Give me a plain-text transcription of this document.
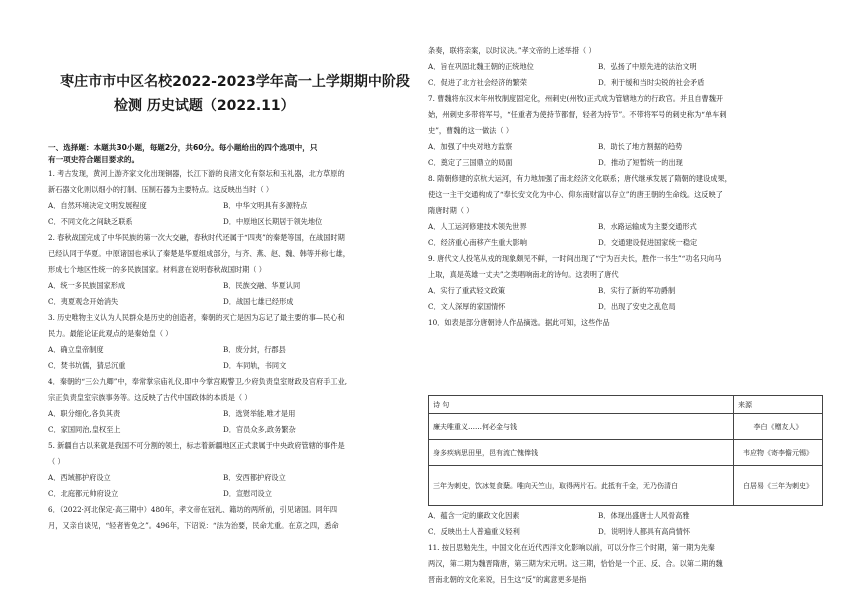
枣庄市市中区名校2022-2023学年高一上学期期中阶段
检测 历史试题（2022.11）
一、选择题：本题共30小题，每题2分，共60分。每小题给出的四个选项中，只
有一项史符合题目要求的。

1. 考古发现，黄河上游齐家文化出现铜器，长江下游的良渚文化有祭坛和玉礼器，北方草原的

新石器文化则以细小的打制、压制石器为主要特点。这反映出当时（ ）

A．自然环境决定文明发展程度	B．中华文明具有多源特点
C．不同文化之间缺乏联系	D．中原地区长期居于领先地位

2. 春秋战国完成了中华民族的第一次大交融，春秋时代还属于“四夷”的秦楚等国，在战国时期

已经认同于华夏。中原诸国也承认了秦楚是华夏组成部分，与齐、燕、赵、魏、韩等并称七雄，

形成七个地区性统一的多民族国家。材料意在说明春秋战国时期（ ）

A．统一多民族国家形成	B．民族交融、华夏认同
C．夷夏观念开始消失	D．战国七雄已经形成

3. 历史唯物主义认为人民群众是历史的创造者，秦朝的灭亡是因为忘记了最主要的事—民心和

民力。最能论证此观点的是秦始皇（ ）

A．确立皇帝制度	B．废分封，行郡县
C．焚书坑儒，猜忌沉重	D．车同轨，书同文

4．秦朝的“三公九卿”中，奉常掌宗庙礼仪,即中今掌宫殿警卫,少府负责皇室财政及官府手工业,

宗正负责皇室宗族事务等。这反映了古代中国政体的本质是（ ）

A．职分细化,各负其责	B．选贤举能,唯才是用
C．家国同治,皇权至上	D．官员众多,政务繁杂

5. 新疆自古以来就是我国不可分割的领土，标志着新疆地区正式隶属于中央政府管辖的事件是

（ ）

A．西域都护府设立	B．安西都护府设立
C．北庭都元帅府设立	D．宣慰司设立

6．（2022·河北保定·高三期中）480年，孝文帝在冠礼、籍坊的两所前，引见诸国。同年四

月，又亲自谈见，“轻者皆免之”。496年，下诏说：“法为治要，民命尤重。在京之四，悉命

条奏，联将亲案，以时议决。”孝文帝的上述举措（ ）

A．旨在巩固北魏王朝的正统地位	B．弘扬了中原先进的法治文明
C．促进了北方社会经济的繁荣	D．利于缓和当时尖锐的社会矛盾

7. 曹魏将东汉末年州牧制度固定化，州刺史(州牧)正式成为管辖地方的行政官。并且自曹魏开

始，州刺史多带将军号，“任重者为使持节都督，轻者为持节”。不带将军号的刺史称为“单车刺

史”，曹魏的这一做法（ ）

A．加强了中央对地方监察	B．助长了地方割据的趋势
C．奠定了三国鼎立的局面	D．推动了短暂统一的出现

8. 隋朝修建的京杭大运河，有力地加强了南北经济文化联系；唐代继承发展了隋朝的建设成果，

使这一主干交通构成了“奉长安文化为中心、仰东南财富以存立”的唐王朝的生命线。这反映了

隋唐时期（ ）

A．人工运河修建技术领先世界	B．水路运输成为主要交通形式
C．经济重心南移产生重大影响	D．交通建设促进国家统一稳定

9. 唐代文人投笔从戎的现象颇见不鲜，一时间出现了“宁为百夫长，胜作一书生”“功名只向马

上取，真是英雄一丈夫”之类唱响南北的诗句。这表明了唐代

A．实行了重武轻文政策	B．实行了新的军功爵制
C．文人深厚的家国情怀	D．出现了安史之乱危局

10．如表是部分唐朝诗人作品摘选。据此可知，这些作品

诗 句	来源
廉夫唯重义……何必金与钱	李白《赠友人》
身多疾病思田里，邑有流亡愧俸钱	韦应物《寄李儋元锡》
三年为刺史，饮冰复食蘖。唯向天竺山，取得两片石。此抵有千金，无乃伤清白	白居易《三年为刺史》
A．蕴含一定的廉政文化因素	B．体现出盛唐士人风骨高雅
C．反映出士人普遍重义轻利	D．说明诗人都具有高尚情怀

11. 按吕思勉先生，中国文化在近代西洋文化影响以前，可以分作三个时期，第一期为先秦

两汉，第二期为魏晋隋唐，第三期为宋元明。这三期，恰恰是一个正、反、合。以第二期的魏

晋南北朝的文化来说，吕生这“反”的寓意更多是指
